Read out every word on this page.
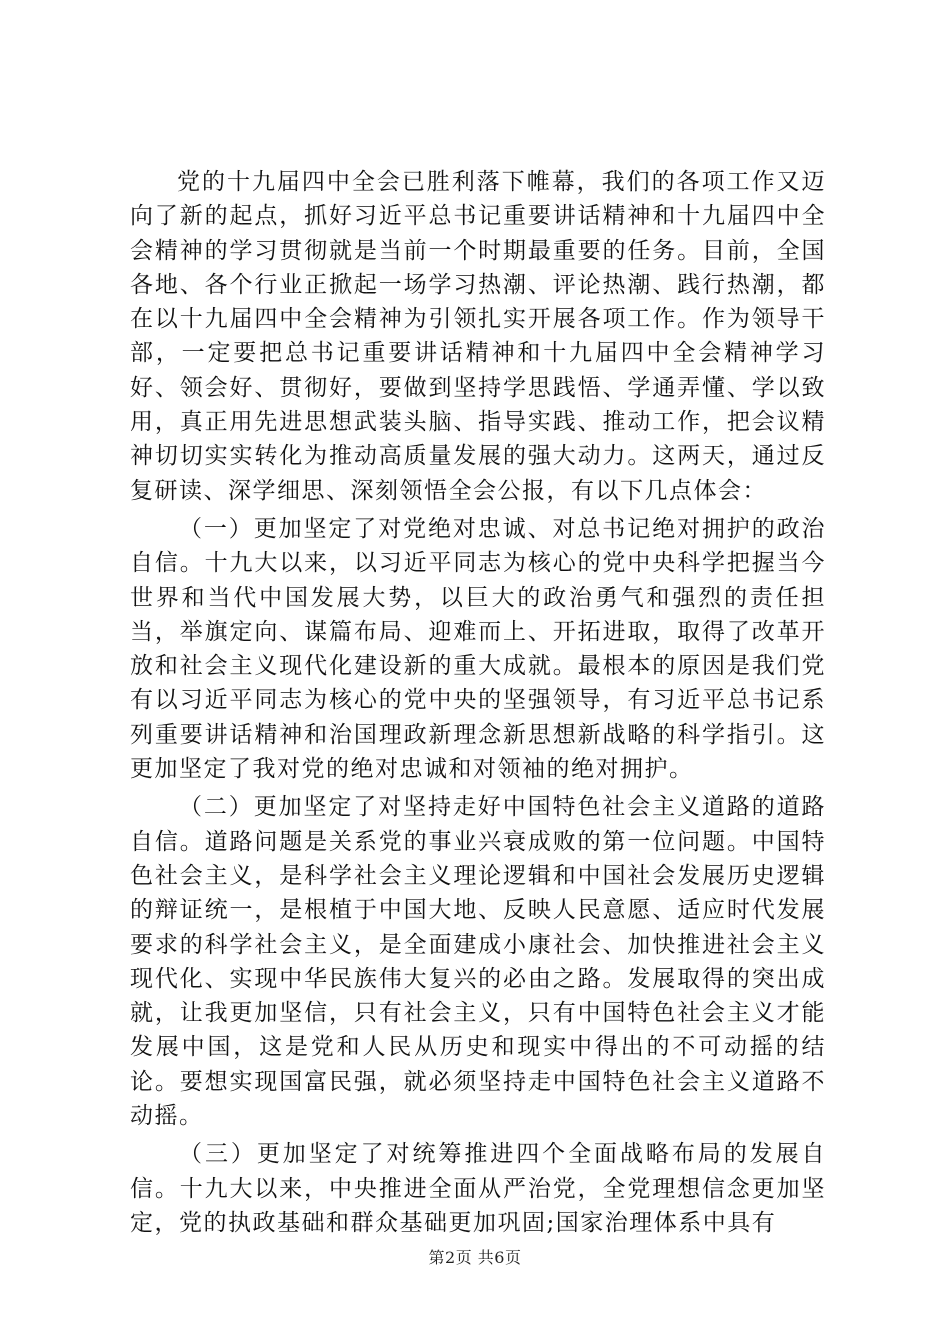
党的十九届四中全会已胜利落下帷幕，我们的各项工作又迈向了新的起点，抓好习近平总书记重要讲话精神和十九届四中全会精神的学习贯彻就是当前一个时期最重要的任务。目前，全国各地、各个行业正掀起一场学习热潮、评论热潮、践行热潮，都在以十九届四中全会精神为引领扎实开展各项工作。作为领导干部，一定要把总书记重要讲话精神和十九届四中全会精神学习好、领会好、贯彻好，要做到坚持学思践悟、学通弄懂、学以致用，真正用先进思想武装头脑、指导实践、推动工作，把会议精神切切实实转化为推动高质量发展的强大动力。这两天，通过反复研读、深学细思、深刻领悟全会公报，有以下几点体会：

（一）更加坚定了对党绝对忠诚、对总书记绝对拥护的政治自信。十九大以来，以习近平同志为核心的党中央科学把握当今世界和当代中国发展大势，以巨大的政治勇气和强烈的责任担当，举旗定向、谋篇布局、迎难而上、开拓进取，取得了改革开放和社会主义现代化建设新的重大成就。最根本的原因是我们党有以习近平同志为核心的党中央的坚强领导，有习近平总书记系列重要讲话精神和治国理政新理念新思想新战略的科学指引。这更加坚定了我对党的绝对忠诚和对领袖的绝对拥护。

（二）更加坚定了对坚持走好中国特色社会主义道路的道路自信。道路问题是关系党的事业兴衰成败的第一位问题。中国特色社会主义，是科学社会主义理论逻辑和中国社会发展历史逻辑的辩证统一，是根植于中国大地、反映人民意愿、适应时代发展要求的科学社会主义，是全面建成小康社会、加快推进社会主义现代化、实现中华民族伟大复兴的必由之路。发展取得的突出成就，让我更加坚信，只有社会主义，只有中国特色社会主义才能发展中国，这是党和人民从历史和现实中得出的不可动摇的结论。要想实现国富民强，就必须坚持走中国特色社会主义道路不动摇。

（三）更加坚定了对统筹推进四个全面战略布局的发展自信。十九大以来，中央推进全面从严治党，全党理想信念更加坚定，党的执政基础和群众基础更加巩固;国家治理体系中具有

第2页 共6页
